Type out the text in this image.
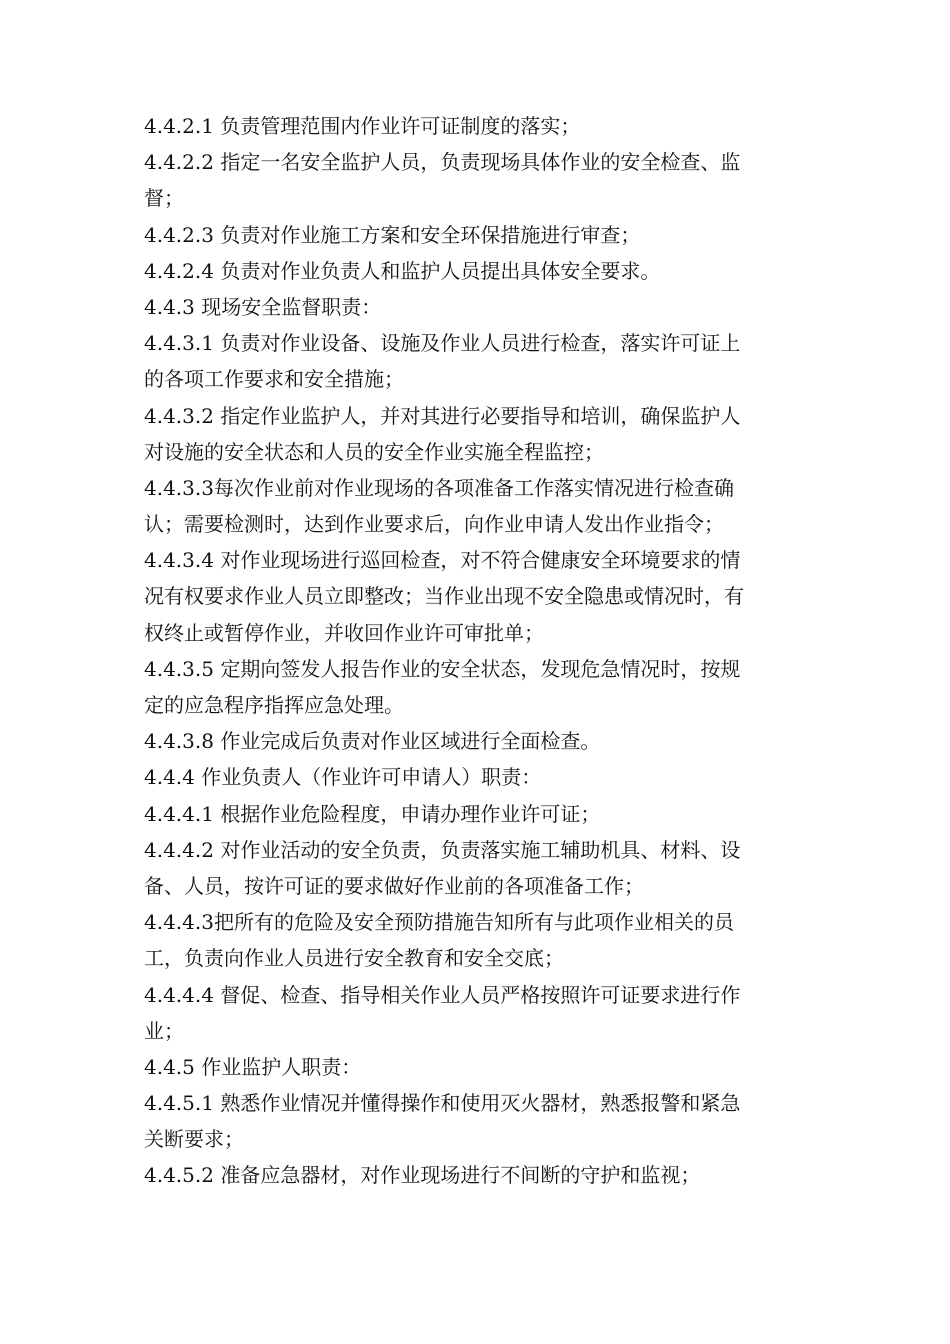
4.4.2.1 负责管理范围内作业许可证制度的落实；
4.4.2.2 指定一名安全监护人员，负责现场具体作业的安全检查、监
督；
4.4.2.3 负责对作业施工方案和安全环保措施进行审查；
4.4.2.4 负责对作业负责人和监护人员提出具体安全要求。
4.4.3 现场安全监督职责：
4.4.3.1 负责对作业设备、设施及作业人员进行检查，落实许可证上
的各项工作要求和安全措施；
4.4.3.2 指定作业监护人，并对其进行必要指导和培训，确保监护人
对设施的安全状态和人员的安全作业实施全程监控；
4.4.3.3每次作业前对作业现场的各项准备工作落实情况进行检查确
认；需要检测时，达到作业要求后，向作业申请人发出作业指令；
4.4.3.4 对作业现场进行巡回检查，对不符合健康安全环境要求的情
况有权要求作业人员立即整改；当作业出现不安全隐患或情况时，有
权终止或暂停作业，并收回作业许可审批单；
4.4.3.5 定期向签发人报告作业的安全状态，发现危急情况时，按规
定的应急程序指挥应急处理。
4.4.3.8 作业完成后负责对作业区域进行全面检查。
4.4.4 作业负责人（作业许可申请人）职责：
4.4.4.1 根据作业危险程度，申请办理作业许可证；
4.4.4.2 对作业活动的安全负责，负责落实施工辅助机具、材料、设
备、人员，按许可证的要求做好作业前的各项准备工作；
4.4.4.3把所有的危险及安全预防措施告知所有与此项作业相关的员
工，负责向作业人员进行安全教育和安全交底；
4.4.4.4 督促、检查、指导相关作业人员严格按照许可证要求进行作
业；
4.4.5 作业监护人职责：
4.4.5.1 熟悉作业情况并懂得操作和使用灭火器材，熟悉报警和紧急
关断要求；
4.4.5.2 准备应急器材，对作业现场进行不间断的守护和监视；
